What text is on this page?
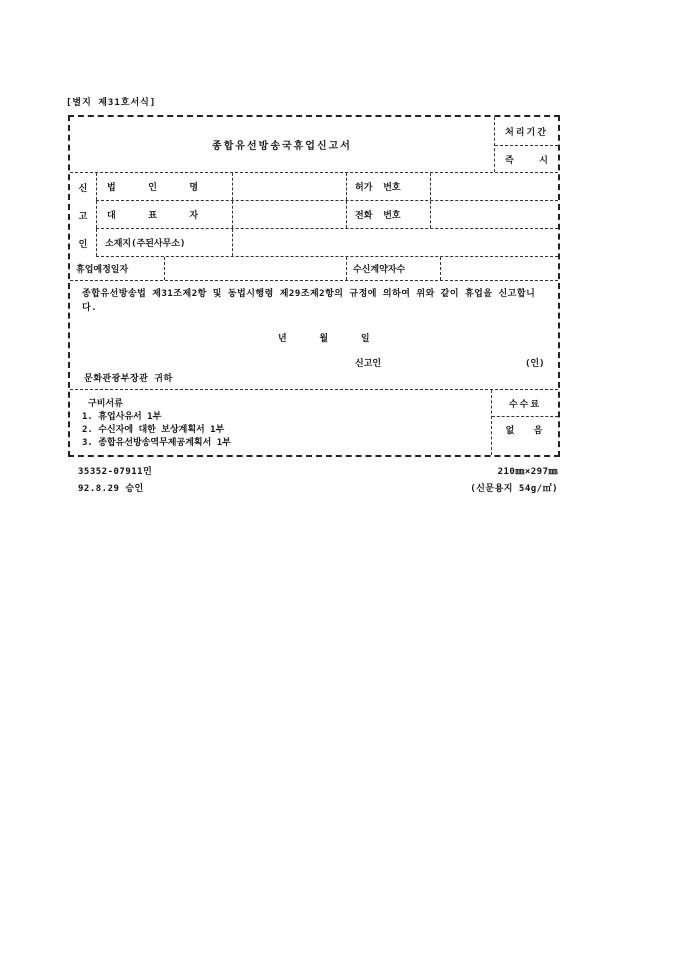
[별지 제31호서식]
종합유선방송국휴업신고서
처리기간
즉	시
신
고
인
법      인      명	허가  번호
대      표      자	전화  번호
소재지(주된사무소)
휴업예정일자	수신계약자수
종합유선방송법 제31조제2항 및 동법시행령 제29조제2항의 규정에 의하여 위와 같이 휴업을 신고합니다.
년	월	일
신고인	(인)
문화관광부장관 귀하
구비서류
1. 휴업사유서 1부
2. 수신자에 대한 보상계획서 1부
3. 종합유선방송역무제공계획서 1부
수수료
없 음
35352-07911민
92.8.29 승인
210㎜×297㎜
(신문용지 54g/㎡)
